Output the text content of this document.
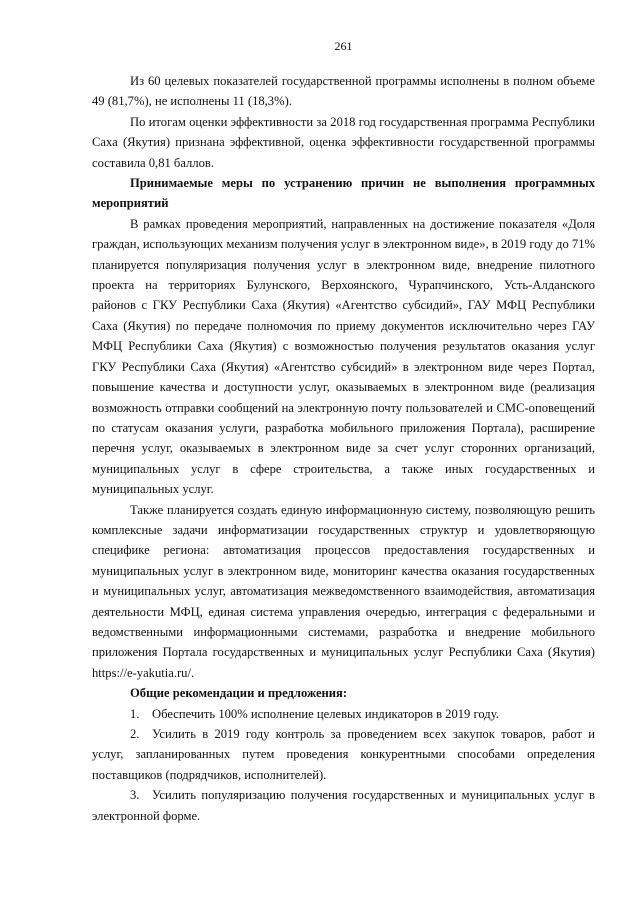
261

Из 60 целевых показателей государственной программы исполнены в полном объеме 49 (81,7%), не исполнены 11 (18,3%).

По итогам оценки эффективности за 2018 год государственная программа Республики Саха (Якутия) признана эффективной, оценка эффективности государственной программы составила 0,81 баллов.

Принимаемые меры по устранению причин не выполнения программных мероприятий

В рамках проведения мероприятий, направленных на достижение показателя «Доля граждан, использующих механизм получения услуг в электронном виде», в 2019 году до 71% планируется популяризация получения услуг в электронном виде, внедрение пилотного проекта на территориях Булунского, Верхоянского, Чурапчинского, Усть-Алданского районов с ГКУ Республики Саха (Якутия) «Агентство субсидий», ГАУ МФЦ Республики Саха (Якутия) по передаче полномочия по приему документов исключительно через ГАУ МФЦ Республики Саха (Якутия) с возможностью получения результатов оказания услуг ГКУ Республики Саха (Якутия) «Агентство субсидий» в электронном виде через Портал, повышение качества и доступности услуг, оказываемых в электронном виде (реализация возможность отправки сообщений на электронную почту пользователей и СМС-оповещений по статусам оказания услуги, разработка мобильного приложения Портала), расширение перечня услуг, оказываемых в электронном виде за счет услуг сторонних организаций, муниципальных услуг в сфере строительства, а также иных государственных и муниципальных услуг.

Также планируется создать единую информационную систему, позволяющую решить комплексные задачи информатизации государственных структур и удовлетворяющую специфике региона: автоматизация процессов предоставления государственных и муниципальных услуг в электронном виде, мониторинг качества оказания государственных и муниципальных услуг, автоматизация межведомственного взаимодействия, автоматизация деятельности МФЦ, единая система управления очередью, интеграция с федеральными и ведомственными информационными системами, разработка и внедрение мобильного приложения Портала государственных и муниципальных услуг Республики Саха (Якутия) https://e-yakutia.ru/.

Общие рекомендации и предложения:

1. Обеспечить 100% исполнение целевых индикаторов в 2019 году.

2. Усилить в 2019 году контроль за проведением всех закупок товаров, работ и услуг, запланированных путем проведения конкурентными способами определения поставщиков (подрядчиков, исполнителей).

3. Усилить популяризацию получения государственных и муниципальных услуг в электронной форме.
